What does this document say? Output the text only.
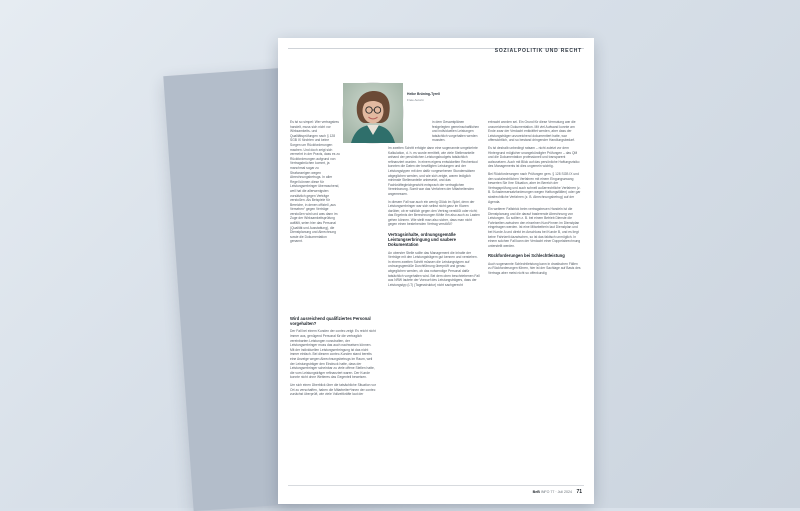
SOZIALPOLITIK UND RECHT
Heike Brüning-Tyrell
Freie Autorin
Es ist so simpel: Wer vertragstreu handelt, muss sich nicht vor Wirksamkeits- und Qualitätsprüfungen nach § 128 SGB IX fürchten und keine Sorgen um Rückforderungen machen. Und doch zeigt sich vermehrt in der Praxis, dass es zu Rückforderungen aufgrund von Vertragsbrüchen kommt, ja manchmal sogar zu Strafanzeigen wegen Abrechnungsbetrugs. In aller Regel können diese für Leistungserbringer überraschend, weil hat die allerwenigsten vorsätzlich gegen Verträge verstoßen. Als Beispiele für Bereiche, in denen offiziell „aus Versehen“ gegen Verträge verstoßen wird und was dann im Zuge der Wirksamkeitsprüfung auffällt, seien hier das Personal (Qualität und Ausstattung), die Dienstplanung und Abrechnung sowie die Dokumentation genannt.
Wird ausreichend qualifiziertes Personal vorgehalten?
Der Fall bei einem Kunden der contec zeigt: Es reicht nicht immer aus, genügend Personal für die vertraglich vereinbarten Leistungen vorzuhalten, der Leistungserbringer muss das auch nachweisen können. Mit der individuellen Leistungserbringung ist das nicht immer einfach. Bei diesem contec-Kunden stand bereits eine Anzeige wegen Abrechnungsbetrugs im Raum, weil der Leistungsträger den Eindruck hatte, dass der Leistungserbringer scheinbar zu viele offene Stellen hatte, die vom Leistungsträger refinanziert waren. Der Kunde konnte nicht ohne Weiteres das Gegenteil beweisen.
Um sich einen Überblick über die tatsächliche Situation vor Ort zu verschaffen, haben die Mitarbeiter*innen der contec zunächst überprüft, wie viele Vollzeitkräfte laut der
in dem Gesamtplänen festgelegten gemeinschaftlichen und individuellen Leistungen tatsächlich vorgehalten werden mussten.
Im zweiten Schritt erfolgte dann eine sogenannte umgekehrte Kalkulation, d. h. es wurde ermittelt, wie viele Stellenanteile anhand der persönlichen Leistungsbudgets tatsächlich refinanziert wurden. In einem eigens entwickelten Rechentool konnten die Daten der bewilligten Leistungen und der Leistungstypen mit den dafür vorgesehenen Stundensätzen abgeglichen werden, und wie sich zeigte, waren lediglich minimale Stellenanteile unbesetzt, und das Fachkräftegleichgewicht entsprach der vertraglichen Vereinbarung. Somit war das Verfahren der Mitarbeitenden angemessen.
In diesem Fall war auch ein wenig Glück im Spiel, denn der Leistungserbringer war sich selbst nicht ganz im Klaren darüber, ob er wirklich gegen den Vertrag verstößt oder nicht; das Ergebnis der Berechnungen fühlte ihn also auch zu Lasten gehen können. Wie stellt man also sicher, dass man nicht gegen einen bestehenden Vertrag verstößt?
Vertragsinhalte, ordnungsgemäße Leistungserbringung und saubere Dokumentation
An oberster Stelle sollte das Management die Inhalte der Verträge mit den Leistungsträgern gut kennen und verstehen. In einem zweiten Schritt müssen die Leistungstypen auf ordnungsgemäße Durchführung überprüft und genau abgeglichen werden, ob das notwendige Personal dafür tatsächlich vorgehalten wird. Bei dem oben beschriebenen Fall aus NRW lautete der Vorwurf des Leistungsträgers, dass der Leistungstyp (LT) (Tagesstruktur) nicht sachgerecht
erbracht worden sei. Ein Grund für diese Vermutung war die unzureichende Dokumentation. Mit viel Aufwand konnte am Ende zwar der Verdacht entkräftet werden, aber dass der Leistungsträger unzureichend dokumentiert hatte, war offensichtlich, und so bestand dringender Handlungsbedarf.
Es ist deshalb unbedingt ratsam – nicht zuletzt vor dem Hintergrund möglicher unangekündigter Prüfungen – das QM und die Dokumentation professionell und transparent aufzusetzen. Auch mit Blick auf das persönliche Haftungsrisiko des Managements ist dies ungemein wichtig.
Bei Rückforderungen nach Prüfungen gem. § 128 SGB IX und den sozialrechtlichen Verfahren mit einem Eingungszwang bewerten Sie Ihre Situation, aber im Bereich der Vertragsprüfung und auch schnell außerrechtliche Verfahren (z. B. Schadensersatzforderungen wegen Haftungsfällen) oder gar strafrechtliche Verfahren (z. B. Abrechnungsbetrug) auf der Agenda.
Ein weiterer Fallstrick beim vertragstreuen Handeln ist die Dienstplanung und die darauf basierende Abrechnung von Leistungen. So sollten z. B. bei einem Betrieb Dienste die Fahrtzeiten zwischen den einzelnen Kund*innen im Dienstplan eingetragen werden. Ist eine Mitarbeiterin laut Dienstplan und bei Kunde A und direkt im Anschluss bei Kunde B, und es liegt keine Fahrtzeit dazwischen, so ist das faktisch unmöglich. In einem solchen Fall kann der Verdacht einer Doppelabrechnung unterstellt werden.
Rückforderungen bei Schlechtleistung
Auch sogenannte Schlechtleistung kann in drastischen Fällen zu Rückforderungen führen, hier ist der Sachlage auf Basis des Vertrags aber meist nicht so offenkundig
BeB INFO 77 · Juli 2024 71
